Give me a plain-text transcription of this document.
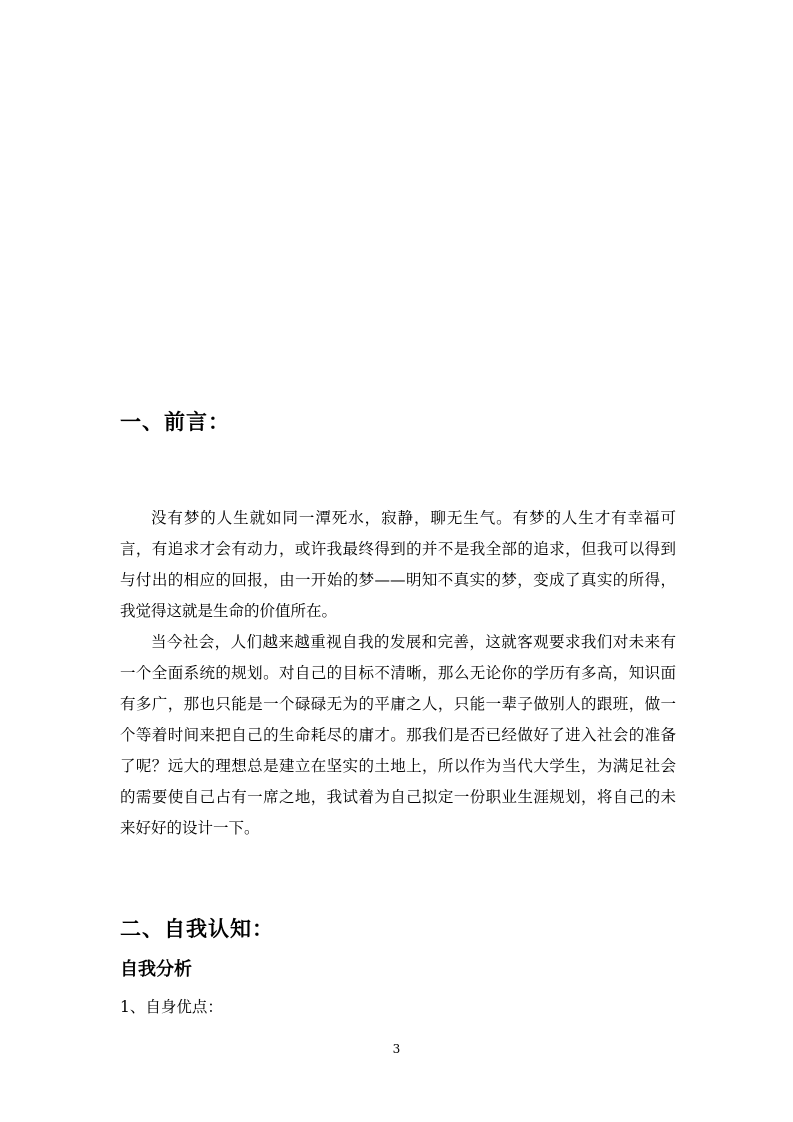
一、前言：

没有梦的人生就如同一潭死水，寂静，聊无生气。有梦的人生才有幸福可言，有追求才会有动力，或许我最终得到的并不是我全部的追求，但我可以得到与付出的相应的回报，由一开始的梦——明知不真实的梦，变成了真实的所得，我觉得这就是生命的价值所在。

当今社会，人们越来越重视自我的发展和完善，这就客观要求我们对未来有一个全面系统的规划。对自己的目标不清晰，那么无论你的学历有多高，知识面有多广，那也只能是一个碌碌无为的平庸之人，只能一辈子做别人的跟班，做一个等着时间来把自己的生命耗尽的庸才。那我们是否已经做好了进入社会的准备了呢？远大的理想总是建立在坚实的土地上，所以作为当代大学生，为满足社会的需要使自己占有一席之地，我试着为自己拟定一份职业生涯规划，将自己的未来好好的设计一下。

二、自我认知：
自我分析
1、自身优点：
3
